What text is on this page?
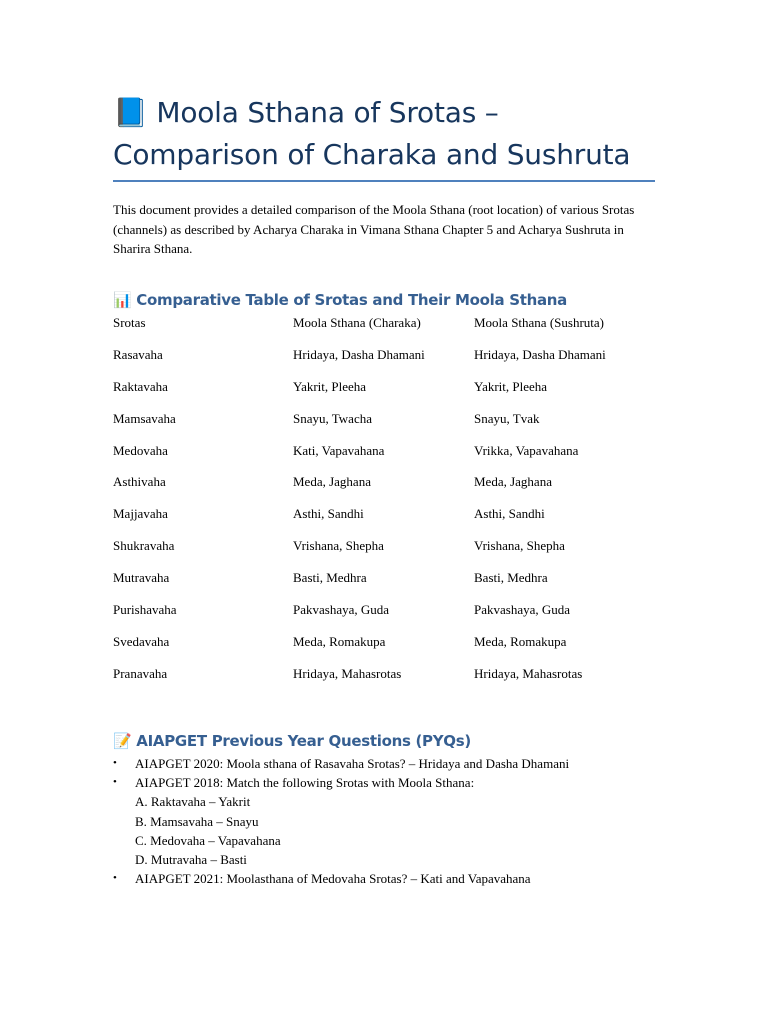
📘 Moola Sthana of Srotas – Comparison of Charaka and Sushruta

This document provides a detailed comparison of the Moola Sthana (root location) of various Srotas (channels) as described by Acharya Charaka in Vimana Sthana Chapter 5 and Acharya Sushruta in Sharira Sthana.

📊 Comparative Table of Srotas and Their Moola Sthana
Srotas	Moola Sthana (Charaka)	Moola Sthana (Sushruta)
Rasavaha	Hridaya, Dasha Dhamani	Hridaya, Dasha Dhamani
Raktavaha	Yakrit, Pleeha	Yakrit, Pleeha
Mamsavaha	Snayu, Twacha	Snayu, Tvak
Medovaha	Kati, Vapavahana	Vrikka, Vapavahana
Asthivaha	Meda, Jaghana	Meda, Jaghana
Majjavaha	Asthi, Sandhi	Asthi, Sandhi
Shukravaha	Vrishana, Shepha	Vrishana, Shepha
Mutravaha	Basti, Medhra	Basti, Medhra
Purishavaha	Pakvashaya, Guda	Pakvashaya, Guda
Svedavaha	Meda, Romakupa	Meda, Romakupa
Pranavaha	Hridaya, Mahasrotas	Hridaya, Mahasrotas
📝 AIAPGET Previous Year Questions (PYQs)
• AIAPGET 2020: Moola sthana of Rasavaha Srotas? – Hridaya and Dasha Dhamani
• AIAPGET 2018: Match the following Srotas with Moola Sthana:
A. Raktavaha – Yakrit
B. Mamsavaha – Snayu
C. Medovaha – Vapavahana
D. Mutravaha – Basti
• AIAPGET 2021: Moolasthana of Medovaha Srotas? – Kati and Vapavahana
